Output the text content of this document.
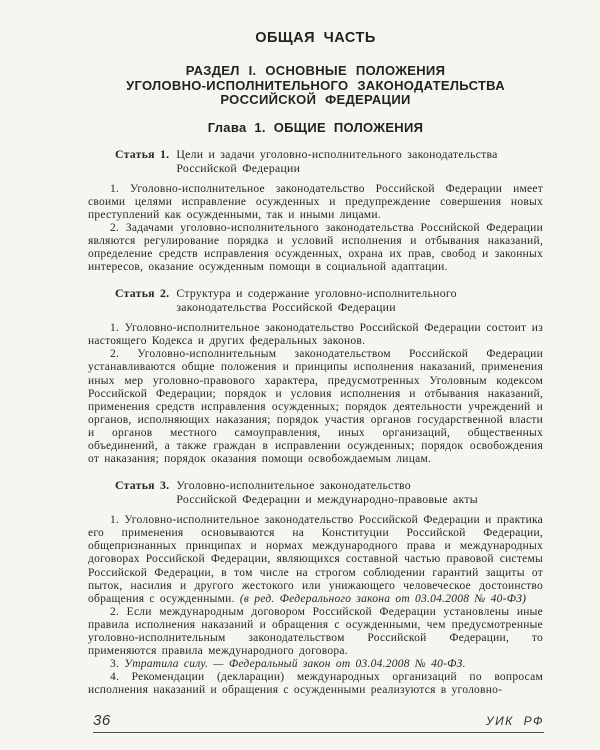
ОБЩАЯ ЧАСТЬ
РАЗДЕЛ I. ОСНОВНЫЕ ПОЛОЖЕНИЯ
УГОЛОВНО-ИСПОЛНИТЕЛЬНОГО ЗАКОНОДАТЕЛЬСТВА
РОССИЙСКОЙ ФЕДЕРАЦИИ
Глава 1. ОБЩИЕ ПОЛОЖЕНИЯ
Статья 1. Цели и задачи уголовно-исполнительного законодательства
Российской Федерации

1. Уголовно-исполнительное законодательство Российской Федерации имеет своими целями исправление осужденных и предупреждение совершения новых преступлений как осужденными, так и иными лицами.

2. Задачами уголовно-исполнительного законодательства Российской Федерации являются регулирование порядка и условий исполнения и отбывания наказаний, определение средств исправления осужденных, охрана их прав, свобод и законных интересов, оказание осужденным помощи в социальной адаптации.

Статья 2. Структура и содержание уголовно-исполнительного
законодательства Российской Федерации

1. Уголовно-исполнительное законодательство Российской Федерации состоит из настоящего Кодекса и других федеральных законов.

2. Уголовно-исполнительным законодательством Российской Федерации устанавливаются общие положения и принципы исполнения наказаний, применения иных мер уголовно-правового характера, предусмотренных Уголовным кодексом Российской Федерации; порядок и условия исполнения и отбывания наказаний, применения средств исправления осужденных; порядок деятельности учреждений и органов, исполняющих наказания; порядок участия органов государственной власти и органов местного самоуправления, иных организаций, общественных объединений, а также граждан в исправлении осужденных; порядок освобождения от наказания; порядок оказания помощи освобождаемым лицам.

Статья 3. Уголовно-исполнительное законодательство
Российской Федерации и международно-правовые акты

1. Уголовно-исполнительное законодательство Российской Федерации и практика его применения основываются на Конституции Российской Федерации, общепризнанных принципах и нормах международного права и международных договорах Российской Федерации, являющихся составной частью правовой системы Российской Федерации, в том числе на строгом соблюдении гарантий защиты от пыток, насилия и другого жестокого или унижающего человеческое достоинство обращения с осужденными. (в ред. Федерального закона от 03.04.2008 № 40-ФЗ)

2. Если международным договором Российской Федерации установлены иные правила исполнения наказаний и обращения с осужденными, чем предусмотренные уголовно-исполнительным законодательством Российской Федерации, то применяются правила международного договора.

3. Утратила силу. — Федеральный закон от 03.04.2008 № 40-ФЗ.

4. Рекомендации (декларации) международных организаций по вопросам исполнения наказаний и обращения с осужденными реализуются в уголовно-

36	УИК РФ
